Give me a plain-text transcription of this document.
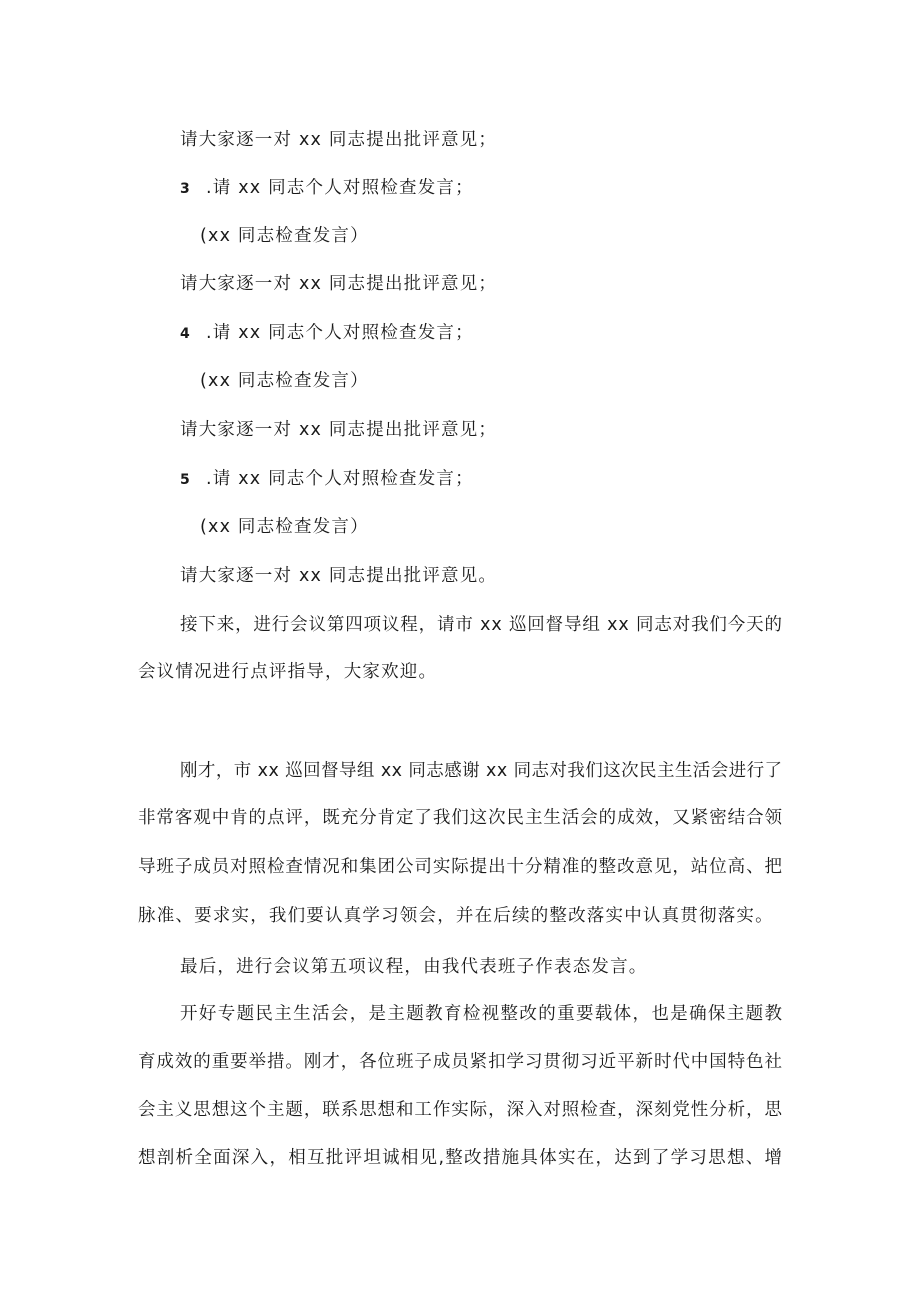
请大家逐一对 xx 同志提出批评意见；
3 .请 xx 同志个人对照检查发言；
(xx 同志检查发言）
请大家逐一对 xx 同志提出批评意见；
4 .请 xx 同志个人对照检查发言；
(xx 同志检查发言）
请大家逐一对 xx 同志提出批评意见；
5 .请 xx 同志个人对照检查发言；
(xx 同志检查发言）
请大家逐一对 xx 同志提出批评意见。
接下来，进行会议第四项议程，请市 xx 巡回督导组 xx 同志对我们今天的
会议情况进行点评指导，大家欢迎。
刚才，市 xx 巡回督导组 xx 同志感谢 xx 同志对我们这次民主生活会进行了
非常客观中肯的点评，既充分肯定了我们这次民主生活会的成效，又紧密结合领
导班子成员对照检查情况和集团公司实际提出十分精准的整改意见，站位高、把
脉准、要求实，我们要认真学习领会，并在后续的整改落实中认真贯彻落实。
最后，进行会议第五项议程，由我代表班子作表态发言。
开好专题民主生活会，是主题教育检视整改的重要载体，也是确保主题教
育成效的重要举措。刚才，各位班子成员紧扣学习贯彻习近平新时代中国特色社
会主义思想这个主题，联系思想和工作实际，深入对照检查，深刻党性分析，思
想剖析全面深入，相互批评坦诚相见,整改措施具体实在，达到了学习思想、增
